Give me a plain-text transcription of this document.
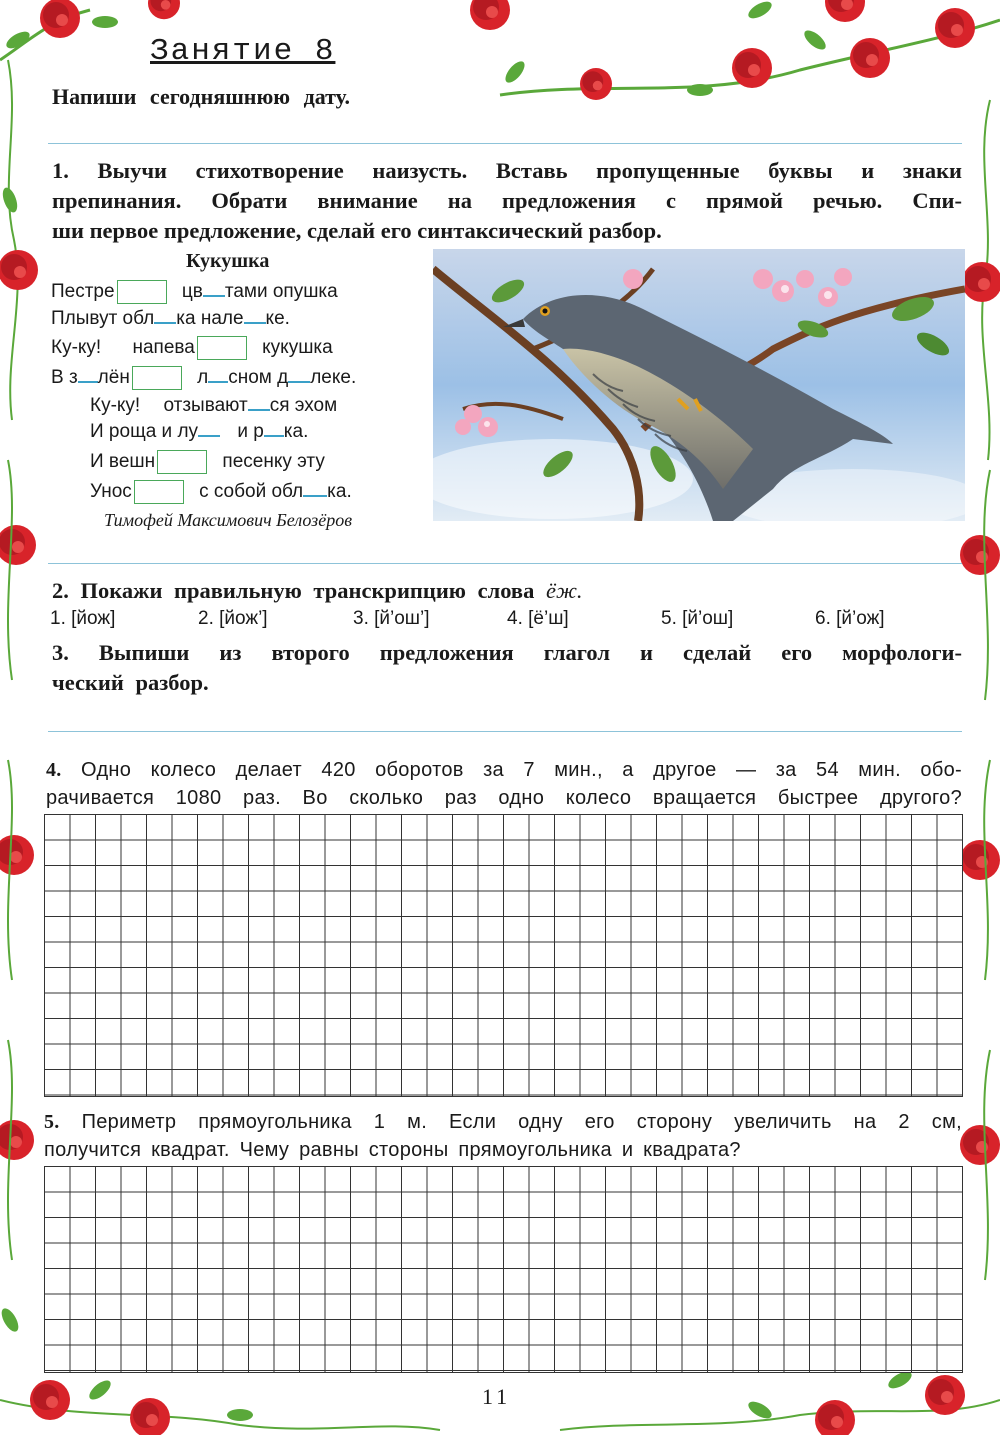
Занятие 8
Напиши сегодняшнюю дату.
1. Выучи стихотворение наизусть. Вставь пропущенные буквы и знаки
препинания. Обрати внимание на предложения с прямой речью. Спи-
ши первое предложение, сделай его синтаксический разбор.
Кукушка
Пестре	цв тами опушка
Плывут обл ка нале ке.
Ку-ку! напева	кукушка
В з лён	л сном д леке.
Ку-ку! отзывают ся эхом
И роща и лу и р ка.
И вешн	песенку эту
Унос	с собой обл ка.
Тимофей Максимович Белозёров
2. Покажи правильную транскрипцию слова ёж.
1. [йож]	2. [йож’]	3. [й’ош’]	4. [ё’ш]	5. [й’ош]	6. [й’ож]
3. Выпиши из второго предложения глагол и сделай его морфологи-
ческий разбор.
4. Одно колесо делает 420 оборотов за 7 мин., а другое — за 54 мин. обо-
рачивается 1080 раз. Во сколько раз одно колесо вращается быстрее другого?
5. Периметр прямоугольника 1 м. Если одну его сторону увеличить на 2 см,
получится квадрат. Чему равны стороны прямоугольника и квадрата?
11
